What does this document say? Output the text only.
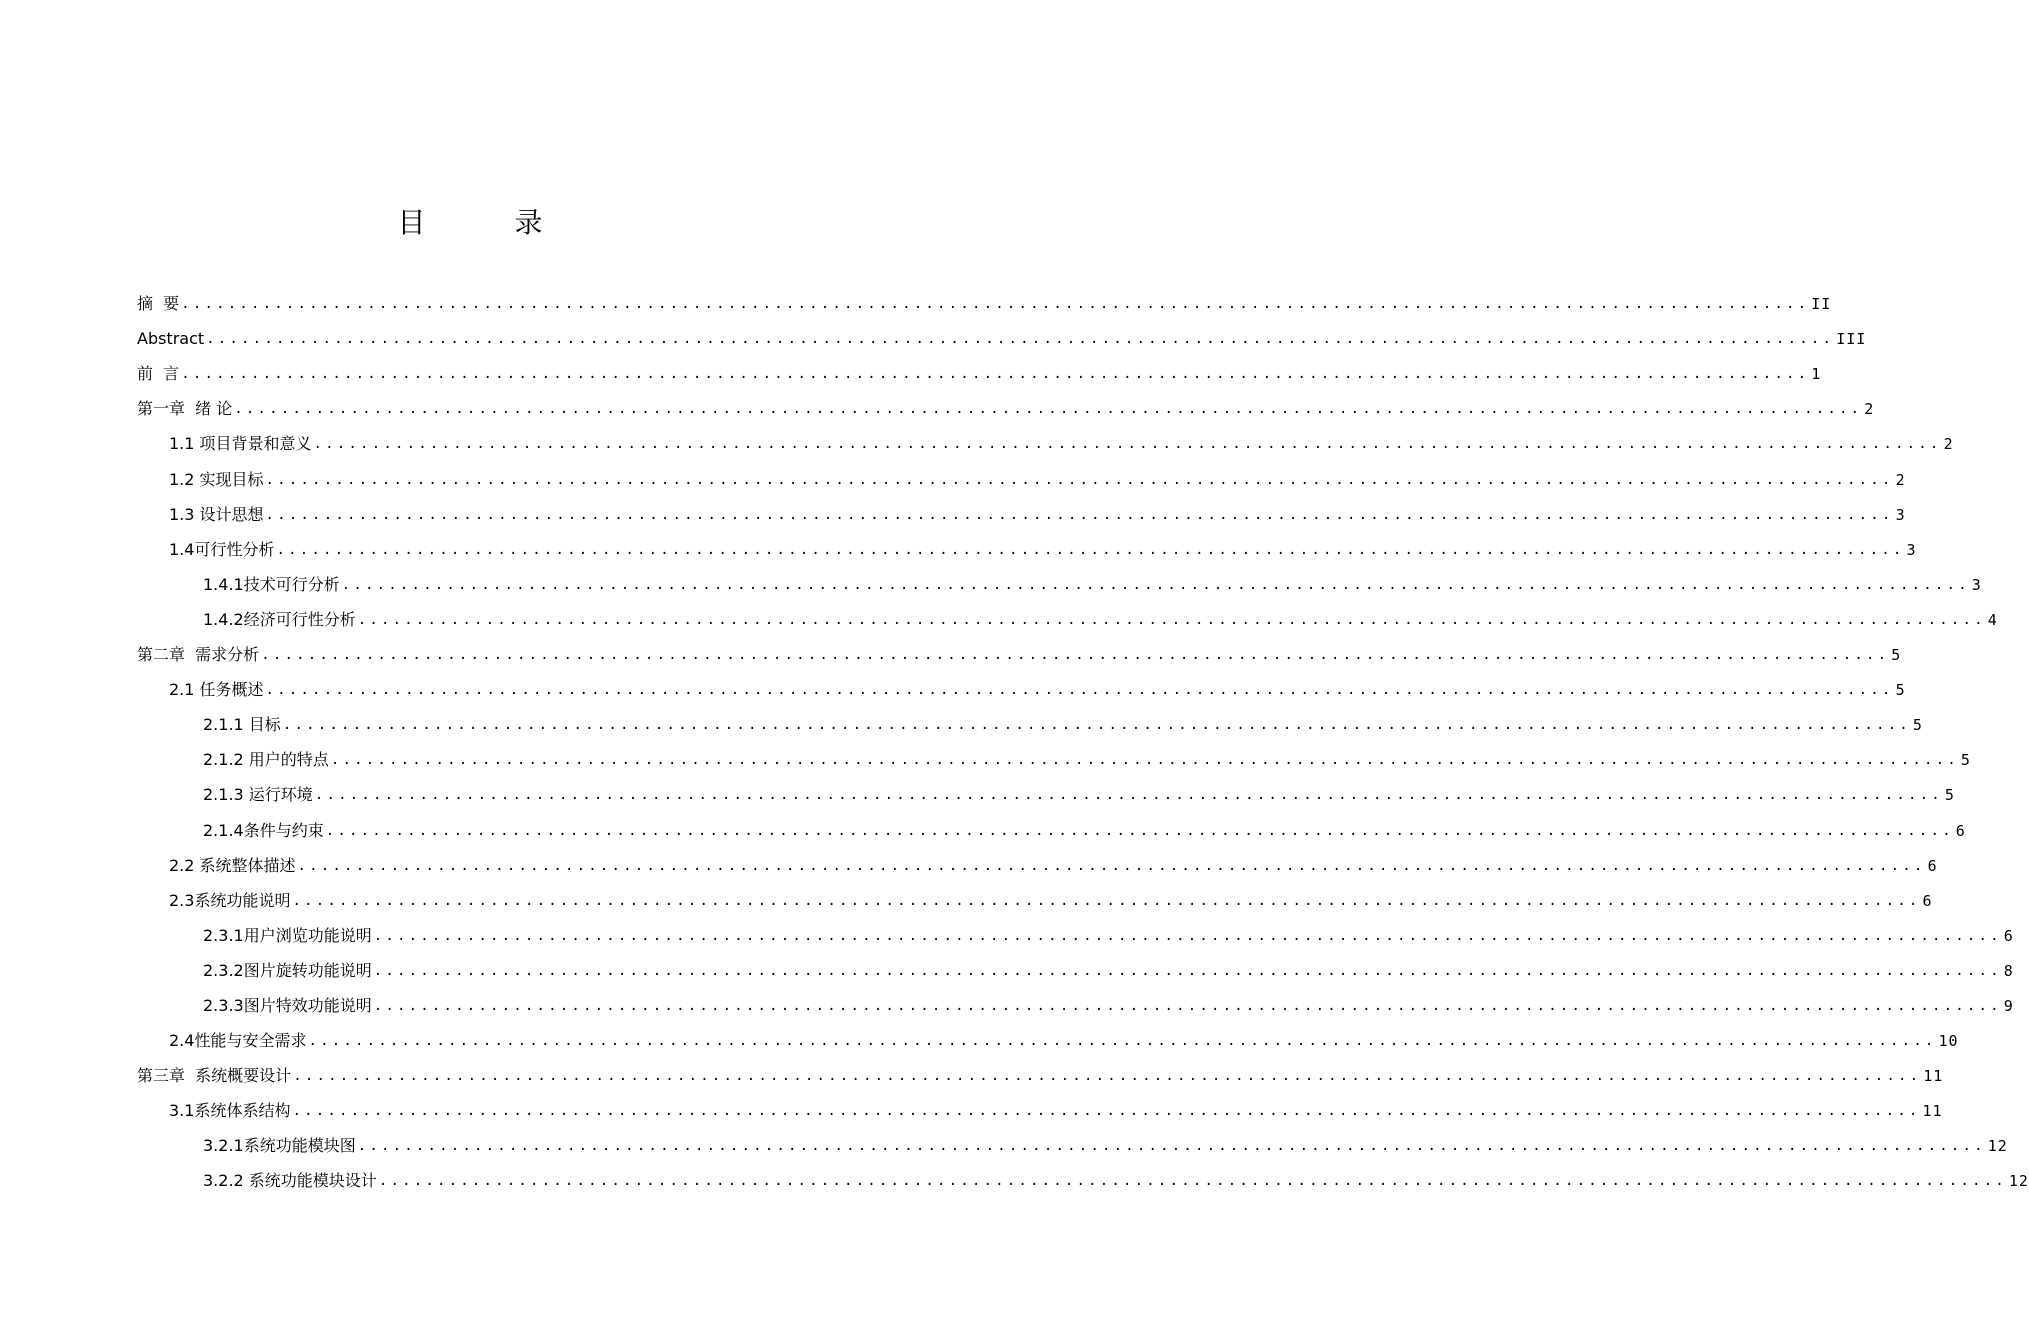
目 录
摘  要 ............................................................................................................................................ II
Abstract ............................................................................................................................................ III
前  言 ............................................................................................................................................ 1
第一章  绪 论 ............................................................................................................................................ 2
1.1 项目背景和意义 ............................................................................................................................................ 2
1.2 实现目标 ............................................................................................................................................ 2
1.3 设计思想 ............................................................................................................................................ 3
1.4可行性分析 ............................................................................................................................................ 3
1.4.1技术可行分析 ............................................................................................................................................ 3
1.4.2经济可行性分析 ............................................................................................................................................ 4
第二章  需求分析 ............................................................................................................................................ 5
2.1 任务概述 ............................................................................................................................................ 5
2.1.1 目标 ............................................................................................................................................ 5
2.1.2 用户的特点 ............................................................................................................................................ 5
2.1.3 运行环境 ............................................................................................................................................ 5
2.1.4条件与约束 ............................................................................................................................................ 6
2.2 系统整体描述 ............................................................................................................................................ 6
2.3系统功能说明 ............................................................................................................................................ 6
2.3.1用户浏览功能说明 ............................................................................................................................................ 6
2.3.2图片旋转功能说明 ............................................................................................................................................ 8
2.3.3图片特效功能说明 ............................................................................................................................................ 9
2.4性能与安全需求 ............................................................................................................................................ 10
第三章  系统概要设计 ............................................................................................................................................ 11
3.1系统体系结构 ............................................................................................................................................ 11
3.2.1系统功能模块图 ............................................................................................................................................ 12
3.2.2 系统功能模块设计 ............................................................................................................................................ 12
